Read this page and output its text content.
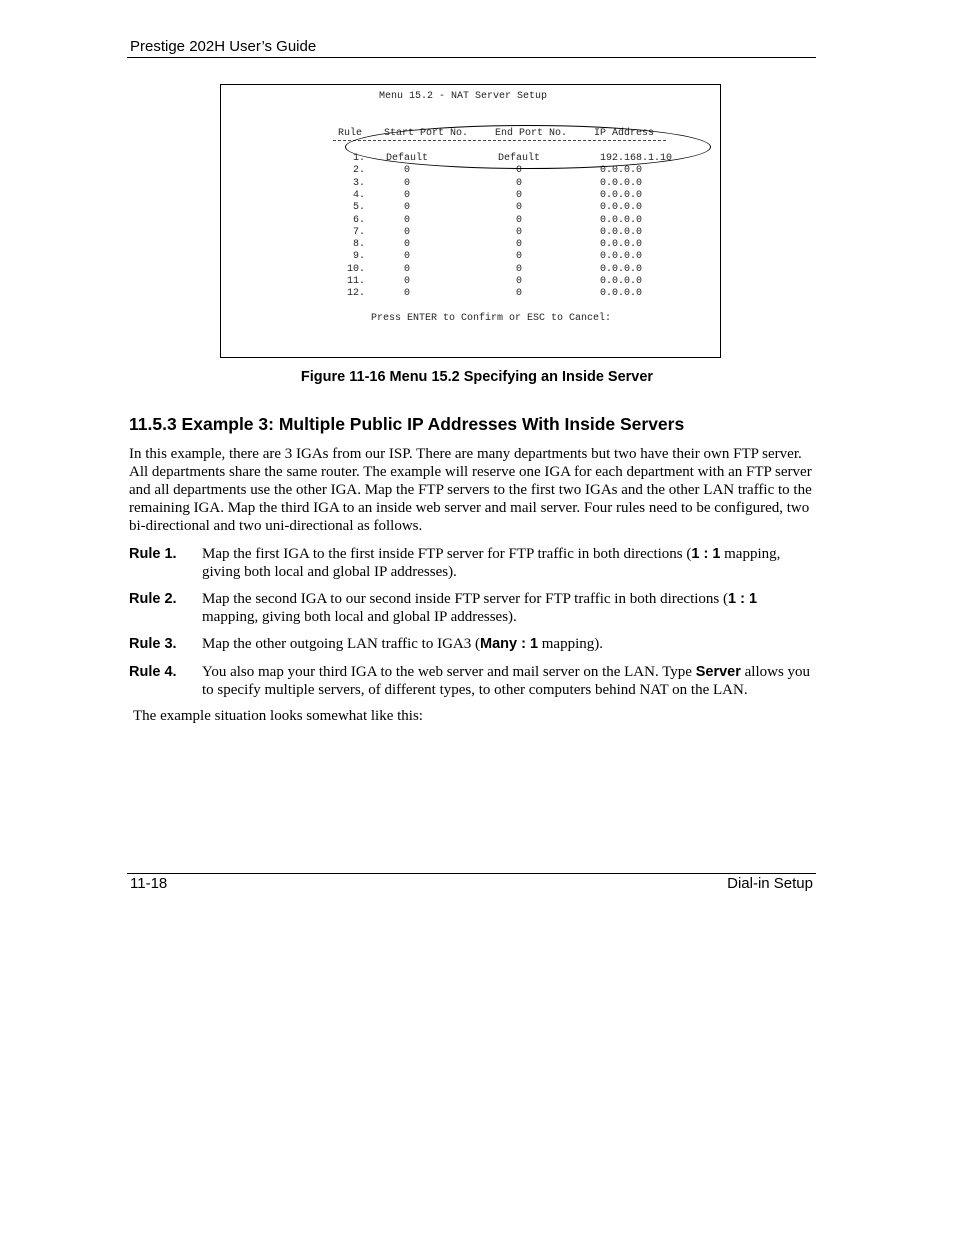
Prestige 202H User’s Guide
Menu 15.2 - NAT Server Setup
Rule	Start Port No.	End Port No.	IP Address
1.	Default	Default	192.168.1.10
2.	0	0	0.0.0.0
3.	0	0	0.0.0.0
4.	0	0	0.0.0.0
5.	0	0	0.0.0.0
6.	0	0	0.0.0.0
7.	0	0	0.0.0.0
8.	0	0	0.0.0.0
9.	0	0	0.0.0.0
10.	0	0	0.0.0.0
11.	0	0	0.0.0.0
12.	0	0	0.0.0.0
Press ENTER to Confirm or ESC to Cancel:
Figure 11-16 Menu 15.2 Specifying an Inside Server
11.5.3 Example 3: Multiple Public IP Addresses With Inside Servers
In this example, there are 3 IGAs from our ISP. There are many departments but two have their own FTP server. All departments share the same router. The example will reserve one IGA for each department with an FTP server and all departments use the other IGA. Map the FTP servers to the first two IGAs and the other LAN traffic to the remaining IGA. Map the third IGA to an inside web server and mail server. Four rules need to be configured, two bi-directional and two uni-directional as follows.
Rule 1. Map the first IGA to the first inside FTP server for FTP traffic in both directions (1 : 1 mapping, giving both local and global IP addresses).
Rule 2. Map the second IGA to our second inside FTP server for FTP traffic in both directions (1 : 1 mapping, giving both local and global IP addresses).
Rule 3. Map the other outgoing LAN traffic to IGA3 (Many : 1 mapping).
Rule 4. You also map your third IGA to the web server and mail server on the LAN. Type Server allows you to specify multiple servers, of different types, to other computers behind NAT on the LAN.
The example situation looks somewhat like this:
11-18	Dial-in Setup
